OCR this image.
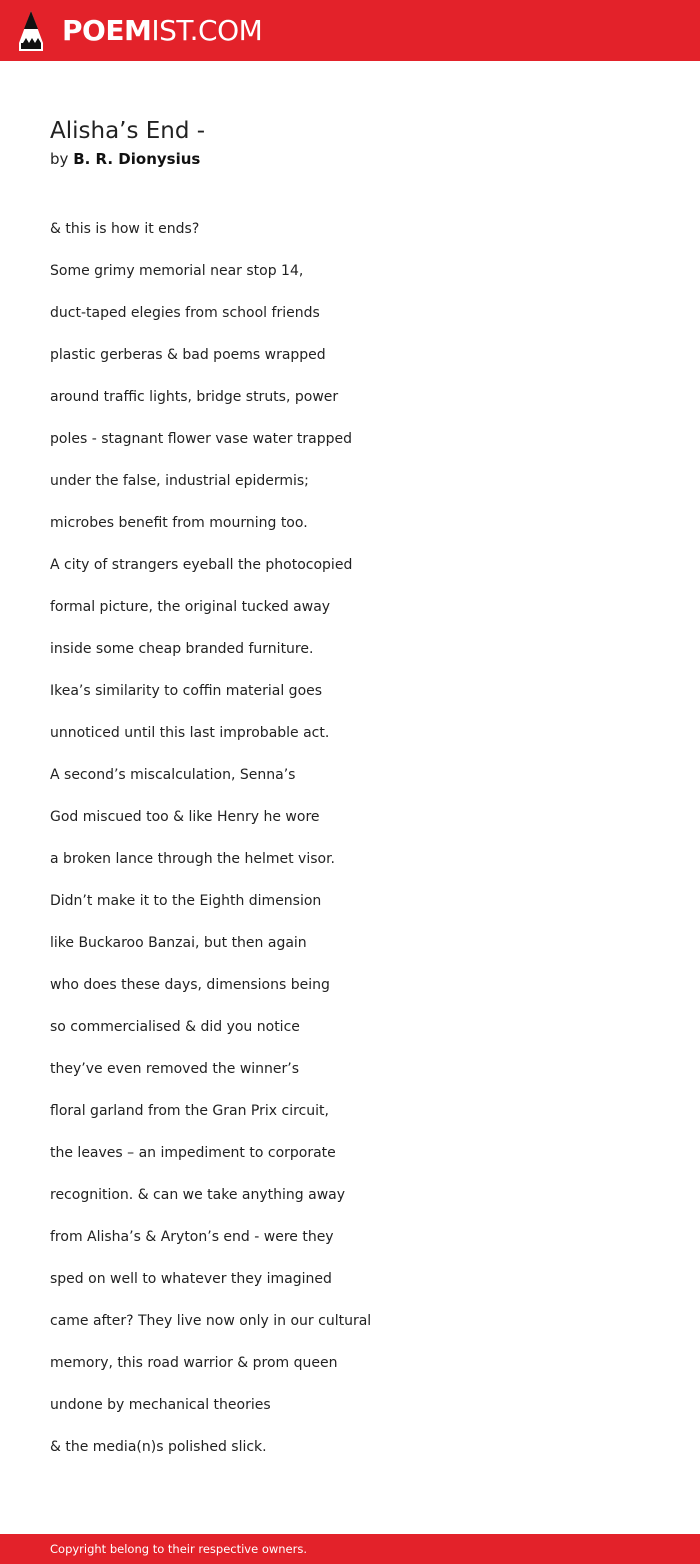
POEMIST.COM
Alisha’s End -
by B. R. Dionysius
& this is how it ends?
Some grimy memorial near stop 14,
duct-taped elegies from school friends
plastic gerberas & bad poems wrapped
around traffic lights, bridge struts, power
poles - stagnant flower vase water trapped
under the false, industrial epidermis;
microbes benefit from mourning too.
A city of strangers eyeball the photocopied
formal picture, the original tucked away
inside some cheap branded furniture.
Ikea’s similarity to coffin material goes
unnoticed until this last improbable act.
A second’s miscalculation, Senna’s
God miscued too & like Henry he wore
a broken lance through the helmet visor.
Didn’t make it to the Eighth dimension
like Buckaroo Banzai, but then again
who does these days, dimensions being
so commercialised & did you notice
they’ve even removed the winner’s
floral garland from the Gran Prix circuit,
the leaves – an impediment to corporate
recognition. & can we take anything away
from Alisha’s & Aryton’s end - were they
sped on well to whatever they imagined
came after? They live now only in our cultural
memory, this road warrior & prom queen
undone by mechanical theories
& the media(n)s polished slick.
Copyright belong to their respective owners.
